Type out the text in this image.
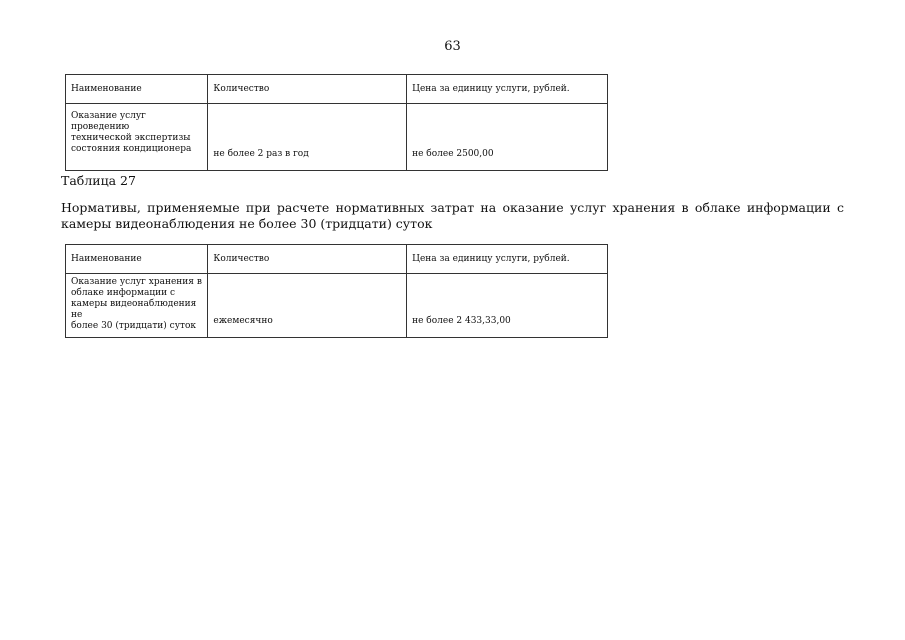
63
Наименование	Количество	Цена за единицу услуги, рублей.

Оказание услуг проведению
технической экспертизы
состояния кондиционера	не более 2 раз в год	не более 2500,00
Таблица 27
Нормативы, применяемые при расчете нормативных затрат на оказание услуг хранения в облаке информации с камеры видеонаблюдения не более 30 (тридцати) суток
Наименование	Количество	Цена за единицу услуги, рублей.

Оказание услуг хранения в
облаке информации с
камеры видеонаблюдения не
более 30 (тридцати) суток	ежемесячно	не более 2 433,33,00
